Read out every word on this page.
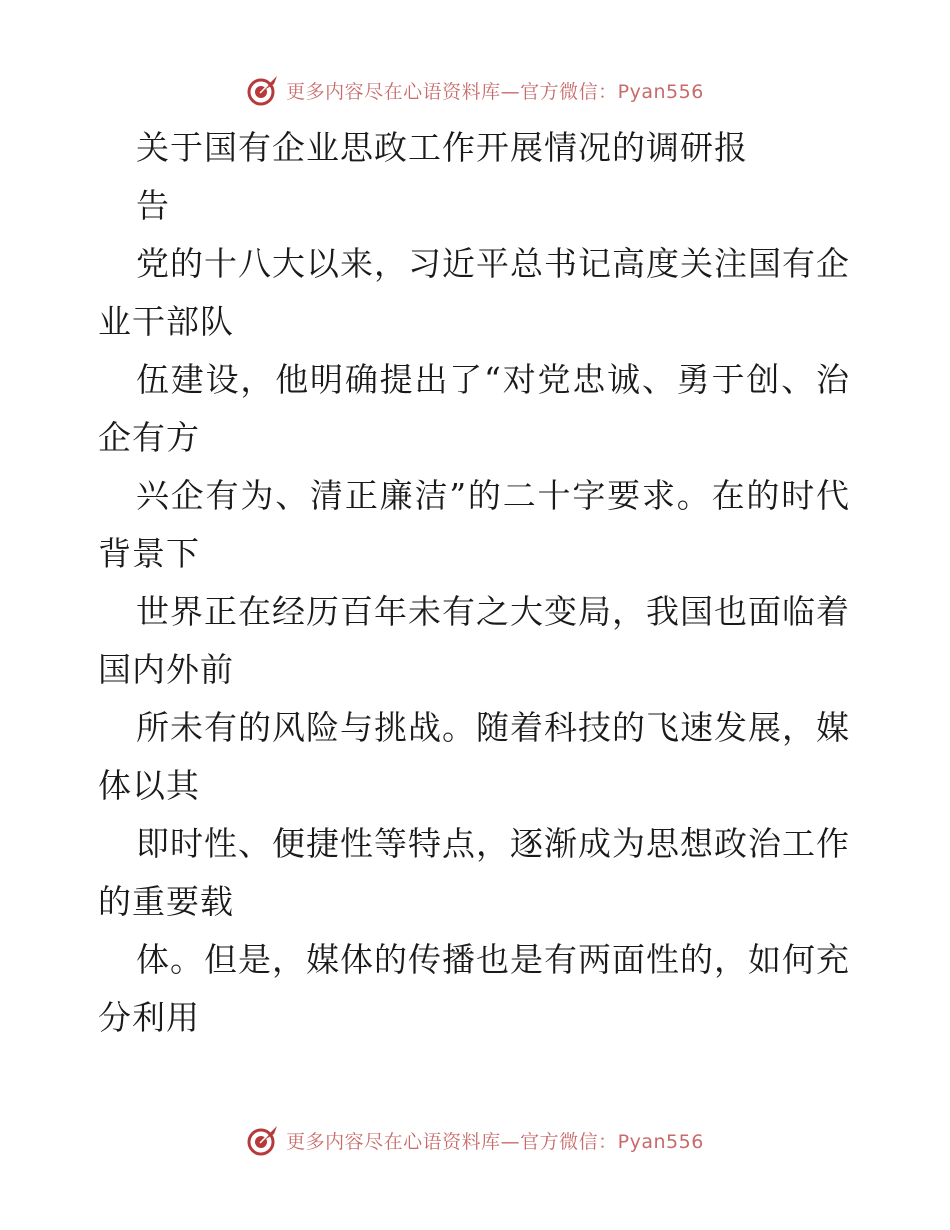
更多内容尽在心语资料库—官方微信：Pyan556
关于国有企业思政工作开展情况的调研报
告
党的十八大以来，习近平总书记高度关注国有企
业干部队
伍建设，他明确提出了“对党忠诚、勇于创、治
企有方
兴企有为、清正廉洁”的二十字要求。在的时代
背景下
世界正在经历百年未有之大变局，我国也面临着
国内外前
所未有的风险与挑战。随着科技的飞速发展，媒
体以其
即时性、便捷性等特点，逐渐成为思想政治工作
的重要载
体。但是，媒体的传播也是有两面性的，如何充
分利用
更多内容尽在心语资料库—官方微信：Pyan556
